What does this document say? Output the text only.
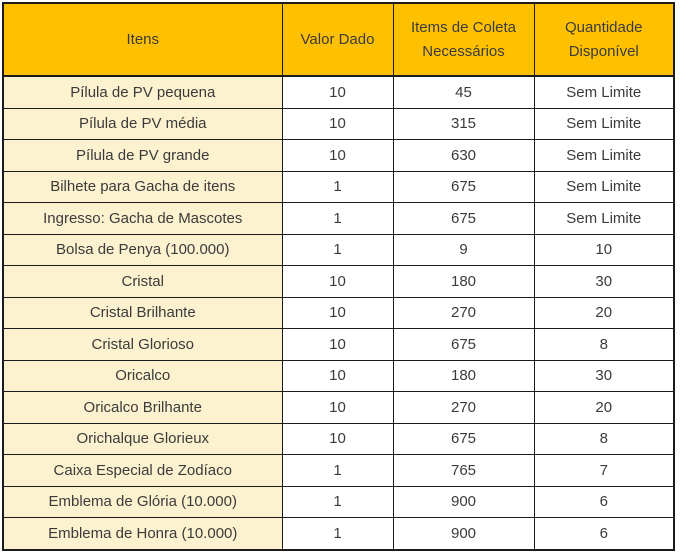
Itens	Valor Dado	Items de Coleta Necessários	Quantidade Disponível
Pílula de PV pequena	10	45	Sem Limite
Pílula de PV média	10	315	Sem Limite
Pílula de PV grande	10	630	Sem Limite
Bilhete para Gacha de itens	1	675	Sem Limite
Ingresso: Gacha de Mascotes	1	675	Sem Limite
Bolsa de Penya (100.000)	1	9	10
Cristal	10	180	30
Cristal Brilhante	10	270	20
Cristal Glorioso	10	675	8
Oricalco	10	180	30
Oricalco Brilhante	10	270	20
Orichalque Glorieux	10	675	8
Caixa Especial de Zodíaco	1	765	7
Emblema de Glória (10.000)	1	900	6
Emblema de Honra (10.000)	1	900	6
